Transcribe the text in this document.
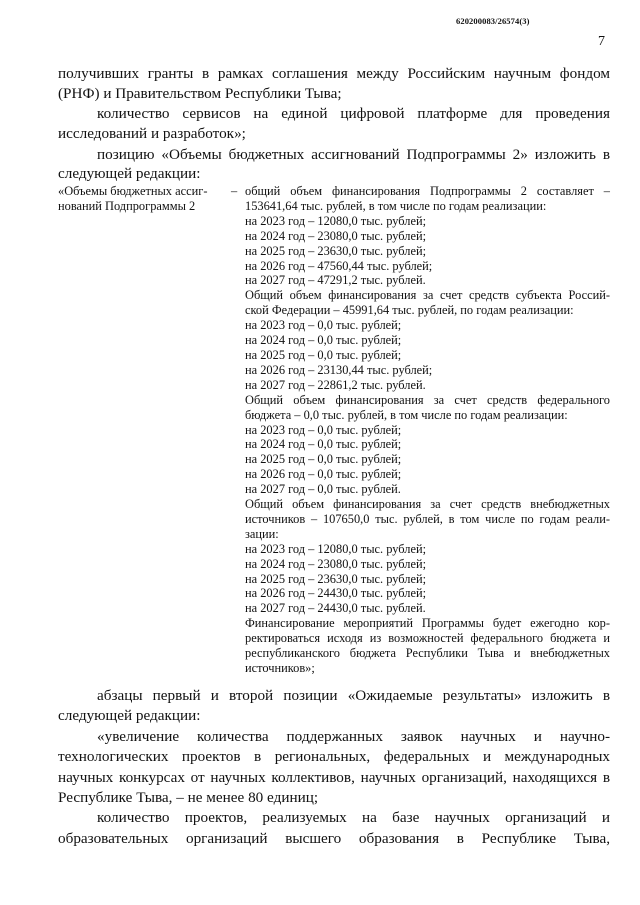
620200083/26574(3)
7
получивших гранты в рамках соглашения между Российским научным фондом
(РНФ) и Правительством Республики Тыва;
количество сервисов на единой цифровой платформе для проведения
исследований и разработок»;
позицию «Объемы бюджетных ассигнований Подпрограммы 2» изложить в
следующей редакции:
«Объемы бюджетных ассиг-
нований Подпрограммы 2
– общий объем финансирования Подпрограммы 2 составляет –
153641,64 тыс. рублей, в том числе по годам реализации:
на 2023 год – 12080,0 тыс. рублей;
на 2024 год – 23080,0 тыс. рублей;
на 2025 год – 23630,0 тыс. рублей;
на 2026 год – 47560,44 тыс. рублей;
на 2027 год – 47291,2 тыс. рублей.
Общий объем финансирования за счет средств субъекта Россий-
ской Федерации – 45991,64 тыс. рублей, по годам реализации:
на 2023 год – 0,0 тыс. рублей;
на 2024 год – 0,0 тыс. рублей;
на 2025 год – 0,0 тыс. рублей;
на 2026 год – 23130,44 тыс. рублей;
на 2027 год – 22861,2 тыс. рублей.
Общий объем финансирования за счет средств федерального
бюджета – 0,0 тыс. рублей, в том числе по годам реализации:
на 2023 год – 0,0 тыс. рублей;
на 2024 год – 0,0 тыс. рублей;
на 2025 год – 0,0 тыс. рублей;
на 2026 год – 0,0 тыс. рублей;
на 2027 год – 0,0 тыс. рублей.
Общий объем финансирования за счет средств внебюджетных
источников – 107650,0 тыс. рублей, в том числе по годам реали-
зации:
на 2023 год – 12080,0 тыс. рублей;
на 2024 год – 23080,0 тыс. рублей;
на 2025 год – 23630,0 тыс. рублей;
на 2026 год – 24430,0 тыс. рублей;
на 2027 год – 24430,0 тыс. рублей.
Финансирование мероприятий Программы будет ежегодно кор-
ректироваться исходя из возможностей федерального бюджета и
республиканского бюджета Республики Тыва и внебюджетных
источников»;
абзацы первый и второй позиции «Ожидаемые результаты» изложить в
следующей редакции:
«увеличение количества поддержанных заявок научных и научно-
технологических проектов в региональных, федеральных и международных
научных конкурсах от научных коллективов, научных организаций, находящихся в
Республике Тыва, – не менее 80 единиц;
количество проектов, реализуемых на базе научных организаций и
образовательных организаций высшего образования в Республике Тыва,
